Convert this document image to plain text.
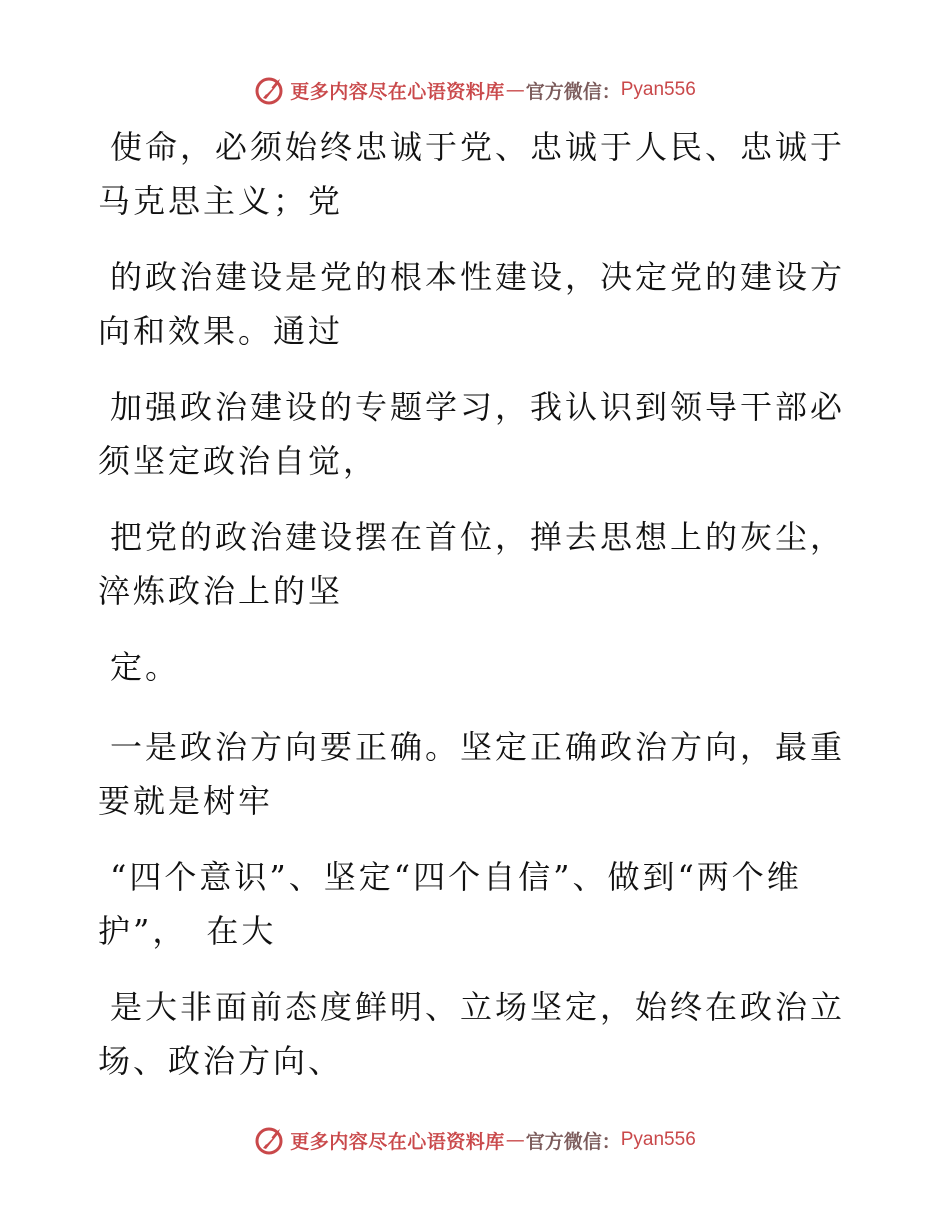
更多内容尽在心语资料库 — 官方微信： Pyan556

使命，必须始终忠诚于党、忠诚于人民、忠诚于马克思主义；党

的政治建设是党的根本性建设，决定党的建设方向和效果。通过

加强政治建设的专题学习，我认识到领导干部必须坚定政治自觉，

把党的政治建设摆在首位，掸去思想上的灰尘，淬炼政治上的坚

定。

一是政治方向要正确。坚定正确政治方向，最重要就是树牢

“四个意识”、坚定“四个自信”、做到“两个维护”，　在大

是大非面前态度鲜明、立场坚定，始终在政治立场、政治方向、

更多内容尽在心语资料库 — 官方微信： Pyan556
